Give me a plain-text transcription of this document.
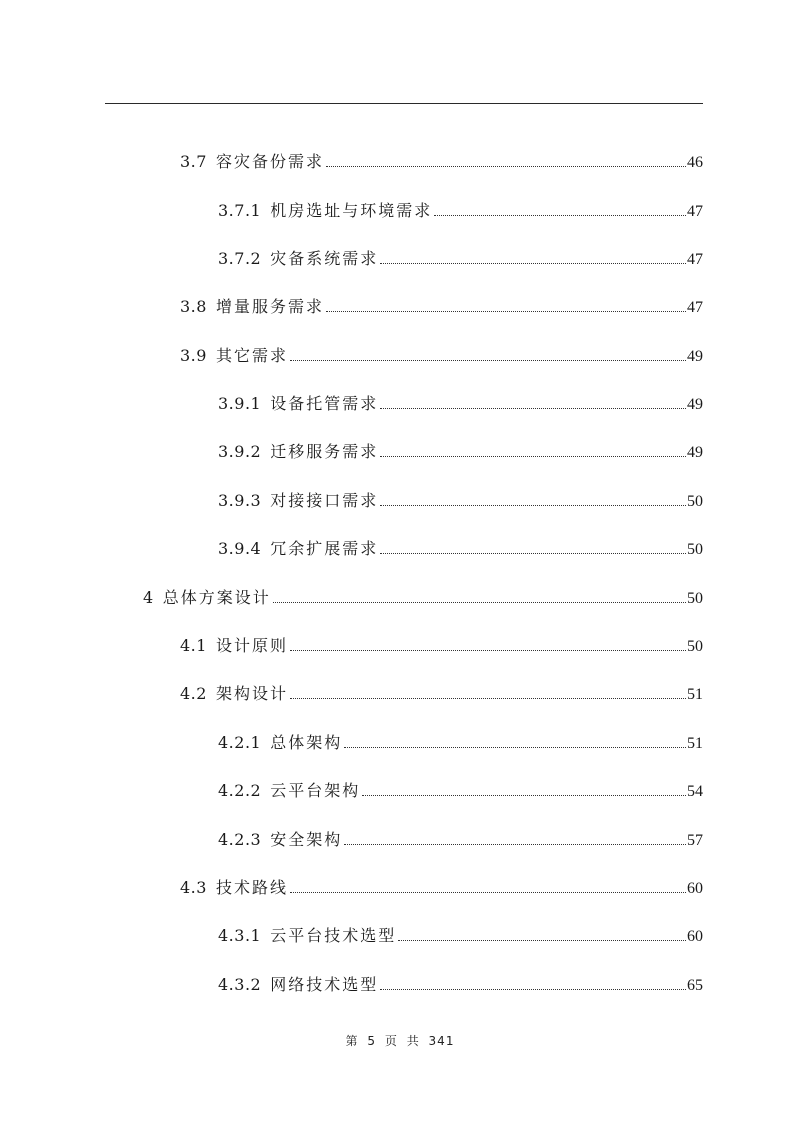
3.7 容灾备份需求	46
3.7.1 机房选址与环境需求	47
3.7.2 灾备系统需求	47
3.8 增量服务需求	47
3.9 其它需求	49
3.9.1 设备托管需求	49
3.9.2 迁移服务需求	49
3.9.3 对接接口需求	50
3.9.4 冗余扩展需求	50
4 总体方案设计	50
4.1 设计原则	50
4.2 架构设计	51
4.2.1 总体架构	51
4.2.2 云平台架构	54
4.2.3 安全架构	57
4.3 技术路线	60
4.3.1 云平台技术选型	60
4.3.2 网络技术选型	65
第 5 页 共 341
